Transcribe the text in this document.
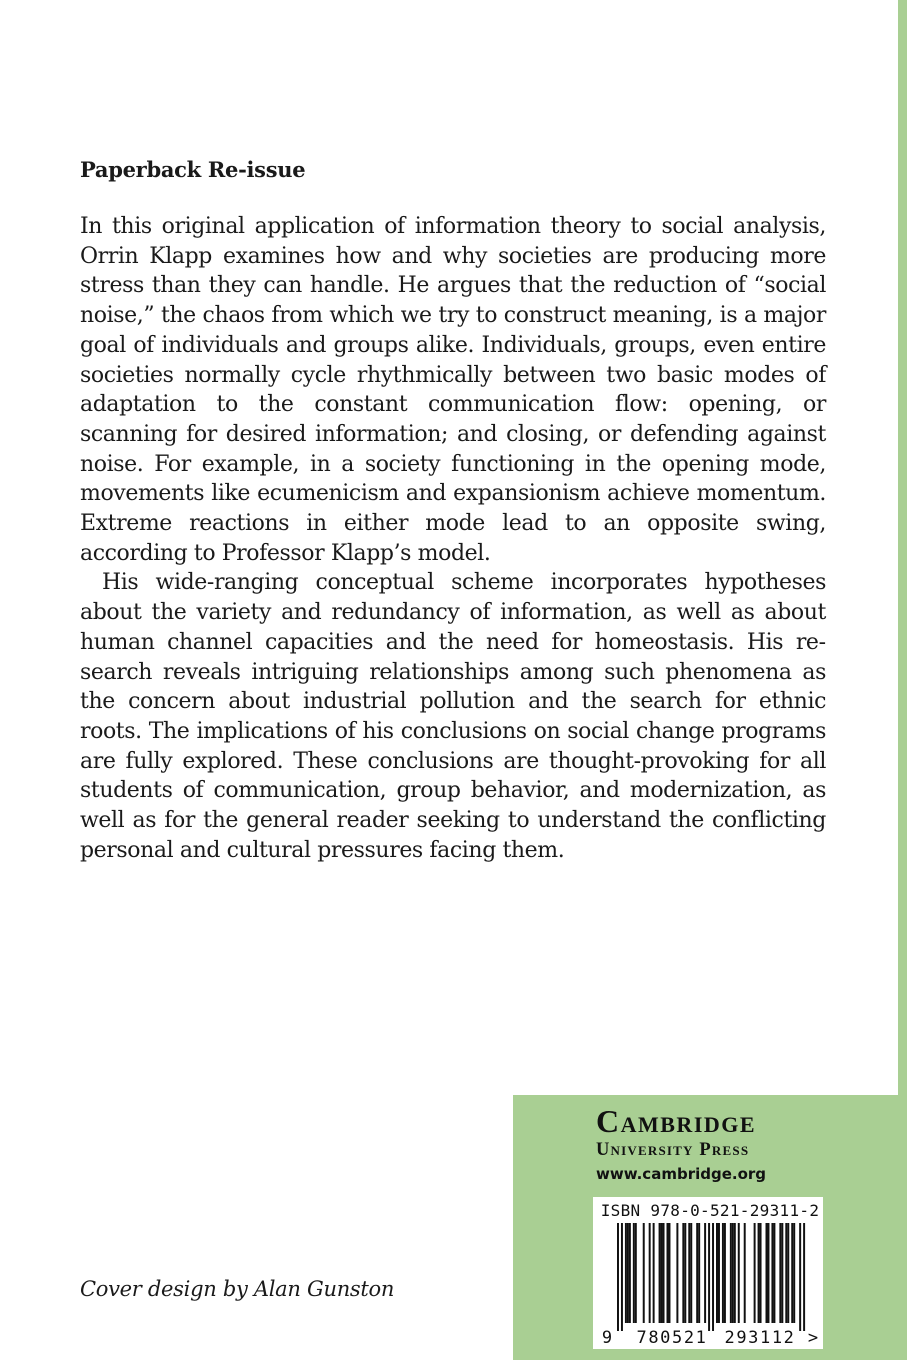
Paperback Re-issue

In this original application of information theory to social analysis, Orrin Klapp examines how and why societies are producing more stress than they can handle. He argues that the reduction of “social noise,” the chaos from which we try to construct meaning, is a major goal of individuals and groups alike. Individuals, groups, even entire societies normally cycle rhythmically between two basic modes of adaptation to the constant communication flow: opening, or scanning for desired information; and closing, or defending against noise. For example, in a society functioning in the opening mode, movements like ecumenicism and expansionism achieve momentum. Extreme reactions in either mode lead to an opposite swing, according to Professor Klapp’s model.

His wide-ranging conceptual scheme incorporates hypotheses about the variety and redundancy of information, as well as about human channel capacities and the need for homeostasis. His research reveals intriguing relationships among such phenomena as the concern about industrial pollution and the search for ethnic roots. The implications of his conclusions on social change programs are fully explored. These conclusions are thought-provoking for all students of communication, group behavior, and modernization, as well as for the general reader seeking to understand the conflicting personal and cultural pressures facing them.

Cover design by Alan Gunston
Cambridge
University Press
www.cambridge.org
ISBN 978-0-521-29311-2
9 780521 293112 >
